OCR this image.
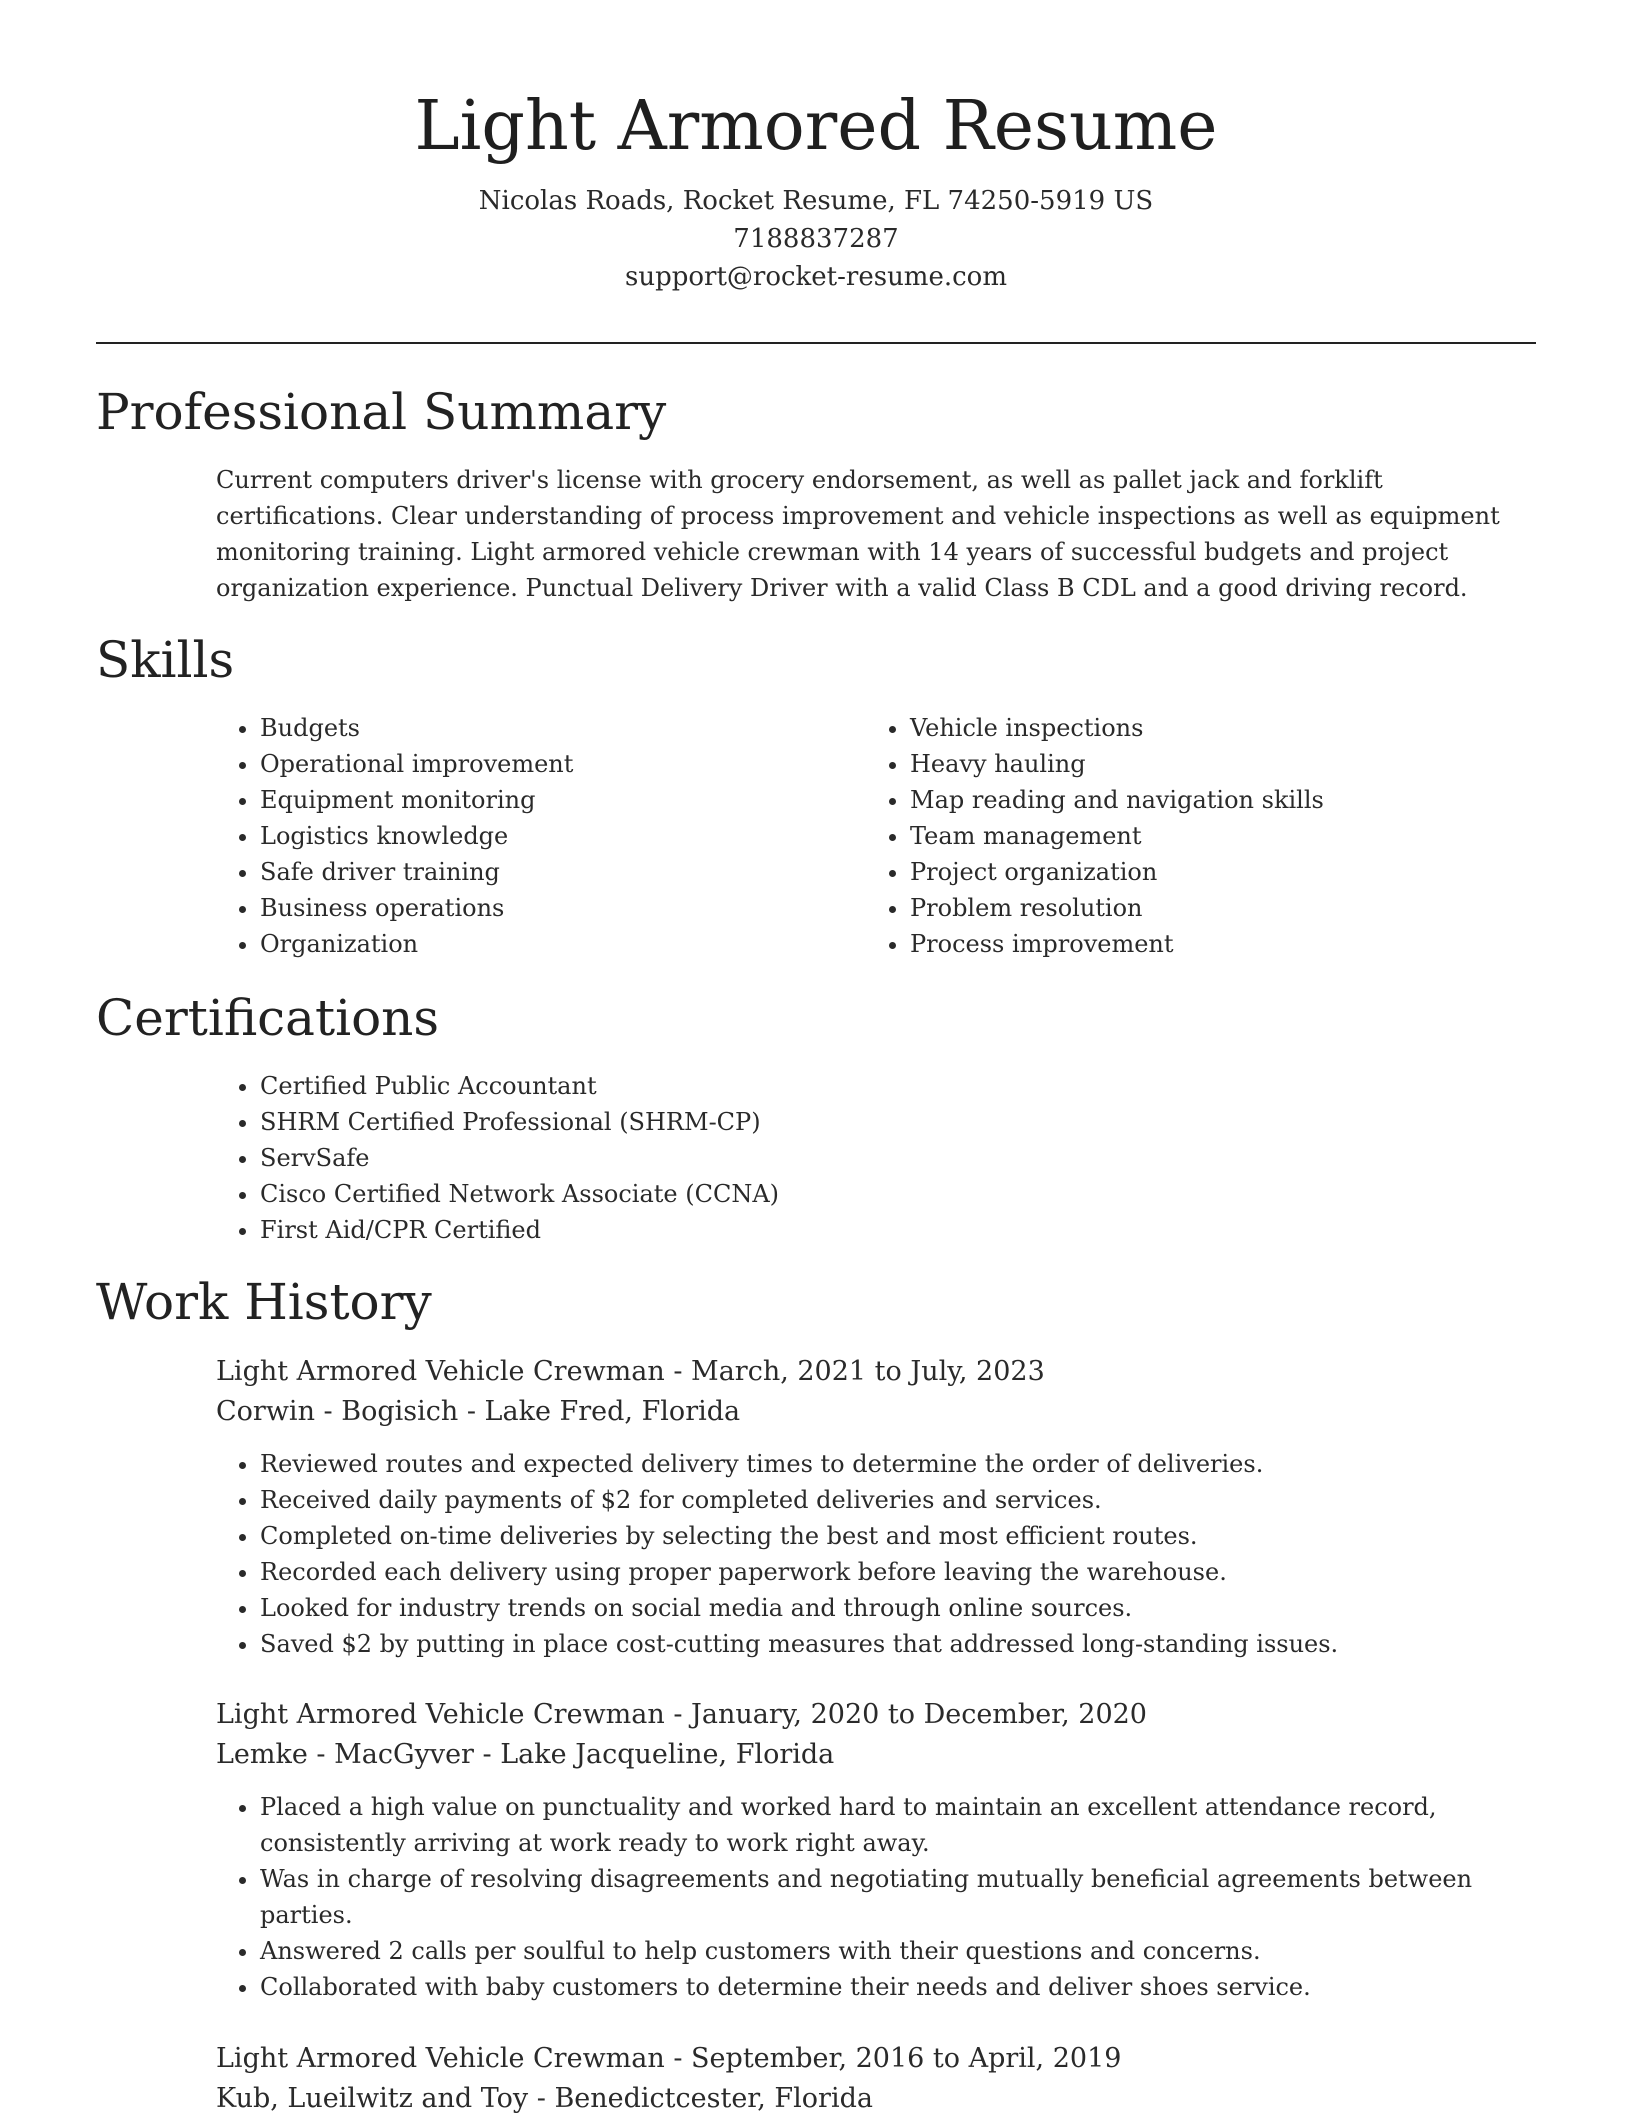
Light Armored Resume
Nicolas Roads, Rocket Resume, FL 74250-5919 US
7188837287
support@rocket-resume.com
Professional Summary
Current computers driver's license with grocery endorsement, as well as pallet jack and forklift certifications. Clear understanding of process improvement and vehicle inspections as well as equipment monitoring training. Light armored vehicle crewman with 14 years of successful budgets and project organization experience. Punctual Delivery Driver with a valid Class B CDL and a good driving record.
Skills
• Budgets
• Operational improvement
• Equipment monitoring
• Logistics knowledge
• Safe driver training
• Business operations
• Organization
• Vehicle inspections
• Heavy hauling
• Map reading and navigation skills
• Team management
• Project organization
• Problem resolution
• Process improvement
Certifications
• Certified Public Accountant
• SHRM Certified Professional (SHRM-CP)
• ServSafe
• Cisco Certified Network Associate (CCNA)
• First Aid/CPR Certified
Work History
Light Armored Vehicle Crewman - March, 2021 to July, 2023
Corwin - Bogisich - Lake Fred, Florida
• Reviewed routes and expected delivery times to determine the order of deliveries.
• Received daily payments of $2 for completed deliveries and services.
• Completed on-time deliveries by selecting the best and most efficient routes.
• Recorded each delivery using proper paperwork before leaving the warehouse.
• Looked for industry trends on social media and through online sources.
• Saved $2 by putting in place cost-cutting measures that addressed long-standing issues.
Light Armored Vehicle Crewman - January, 2020 to December, 2020
Lemke - MacGyver - Lake Jacqueline, Florida
• Placed a high value on punctuality and worked hard to maintain an excellent attendance record, consistently arriving at work ready to work right away.
• Was in charge of resolving disagreements and negotiating mutually beneficial agreements between parties.
• Answered 2 calls per soulful to help customers with their questions and concerns.
• Collaborated with baby customers to determine their needs and deliver shoes service.
Light Armored Vehicle Crewman - September, 2016 to April, 2019
Kub, Lueilwitz and Toy - Benedictcester, Florida
